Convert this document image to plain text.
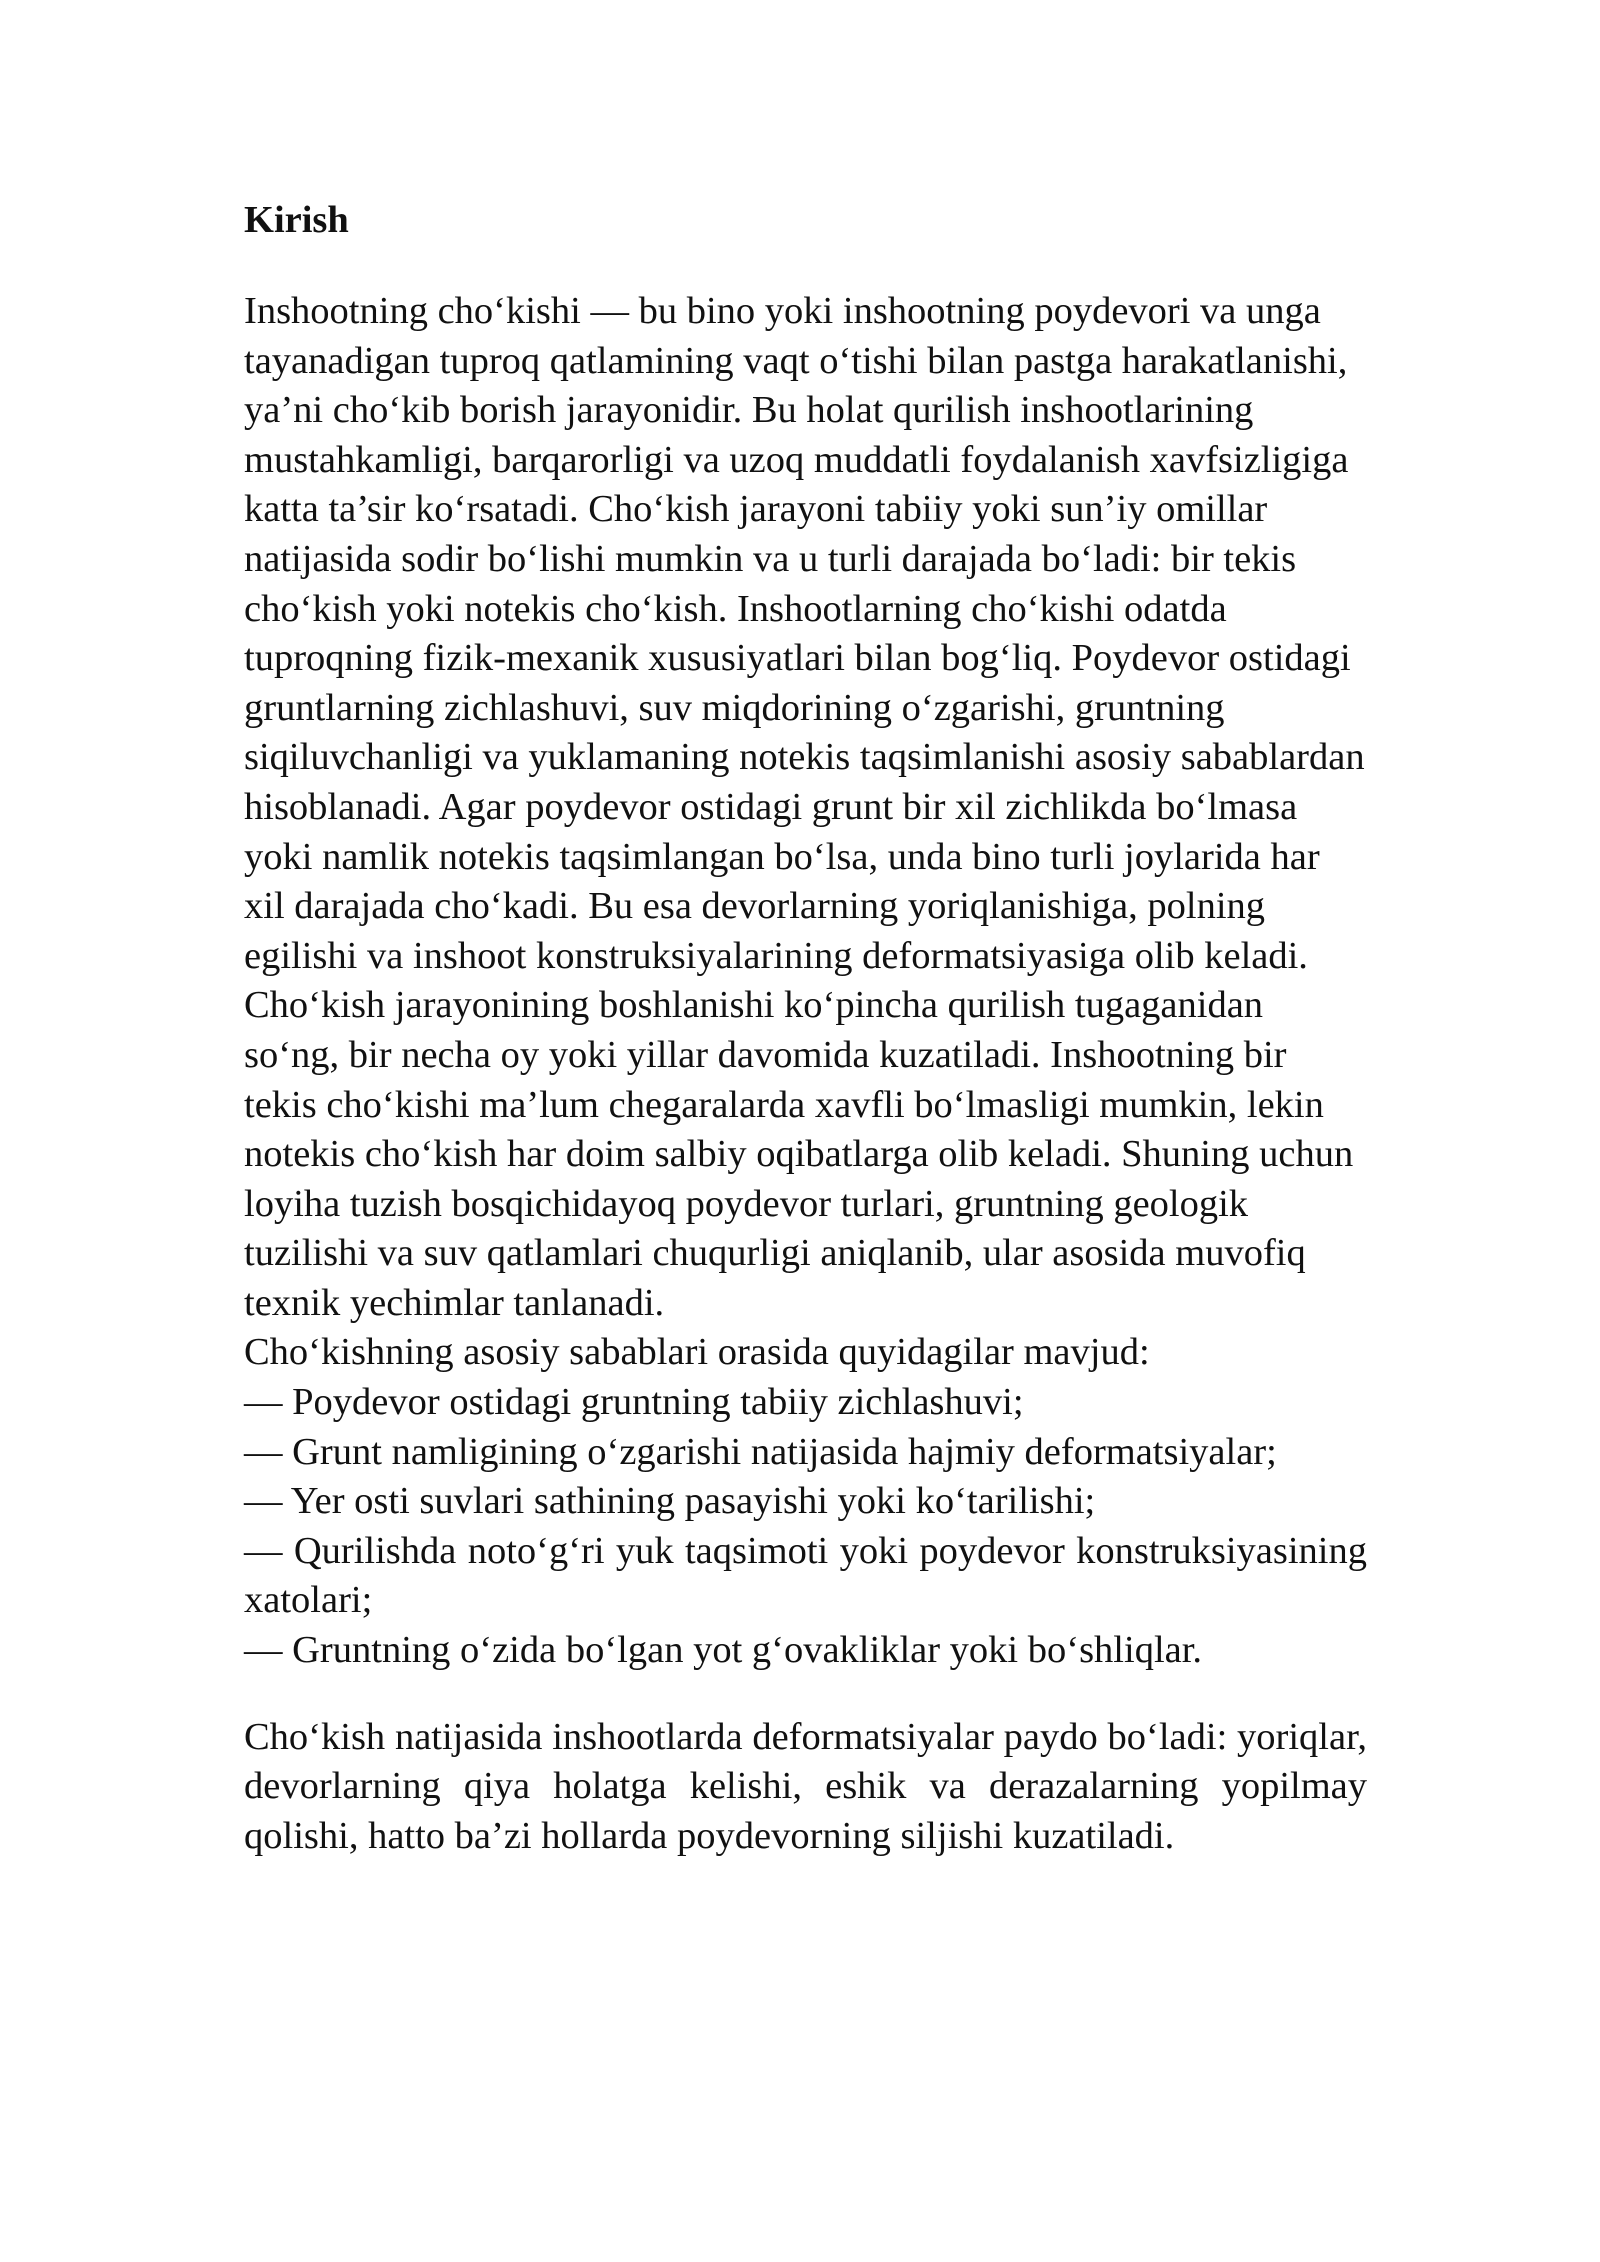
Kirish
Inshootning cho‘kishi — bu bino yoki inshootning poydevori va unga tayanadigan tuproq qatlamining vaqt o‘tishi bilan pastga harakatlanishi, ya’ni cho‘kib borish jarayonidir. Bu holat qurilish inshootlarining mustahkamligi, barqarorligi va uzoq muddatli foydalanish xavfsizligiga katta ta’sir ko‘rsatadi. Cho‘kish jarayoni tabiiy yoki sun’iy omillar natijasida sodir bo‘lishi mumkin va u turli darajada bo‘ladi: bir tekis cho‘kish yoki notekis cho‘kish. Inshootlarning cho‘kishi odatda tuproqning fizik-mexanik xususiyatlari bilan bog‘liq. Poydevor ostidagi gruntlarning zichlashuvi, suv miqdorining o‘zgarishi, gruntning siqiluvchanligi va yuklamaning notekis taqsimlanishi asosiy sabablardan hisoblanadi. Agar poydevor ostidagi grunt bir xil zichlikda bo‘lmasa yoki namlik notekis taqsimlangan bo‘lsa, unda bino turli joylarida har xil darajada cho‘kadi. Bu esa devorlarning yoriqlanishiga, polning egilishi va inshoot konstruksiyalarining deformatsiyasiga olib keladi. Cho‘kish jarayonining boshlanishi ko‘pincha qurilish tugaganidan so‘ng, bir necha oy yoki yillar davomida kuzatiladi. Inshootning bir tekis cho‘kishi ma’lum chegaralarda xavfli bo‘lmasligi mumkin, lekin notekis cho‘kish har doim salbiy oqibatlarga olib keladi. Shuning uchun loyiha tuzish bosqichidayoq poydevor turlari, gruntning geologik tuzilishi va suv qatlamlari chuqurligi aniqlanib, ular asosida muvofiq texnik yechimlar tanlanadi.
Cho‘kishning asosiy sabablari orasida quyidagilar mavjud:
— Poydevor ostidagi gruntning tabiiy zichlashuvi;
— Grunt namligining o‘zgarishi natijasida hajmiy deformatsiyalar;
— Yer osti suvlari sathining pasayishi yoki ko‘tarilishi;
— Qurilishda noto‘g‘ri yuk taqsimoti yoki poydevor konstruksiyasining xatolari;
— Gruntning o‘zida bo‘lgan yot g‘ovakliklar yoki bo‘shliqlar.
Cho‘kish natijasida inshootlarda deformatsiyalar paydo bo‘ladi: yoriqlar, devorlarning qiya holatga kelishi, eshik va derazalarning yopilmay qolishi, hatto ba’zi hollarda poydevorning siljishi kuzatiladi.
